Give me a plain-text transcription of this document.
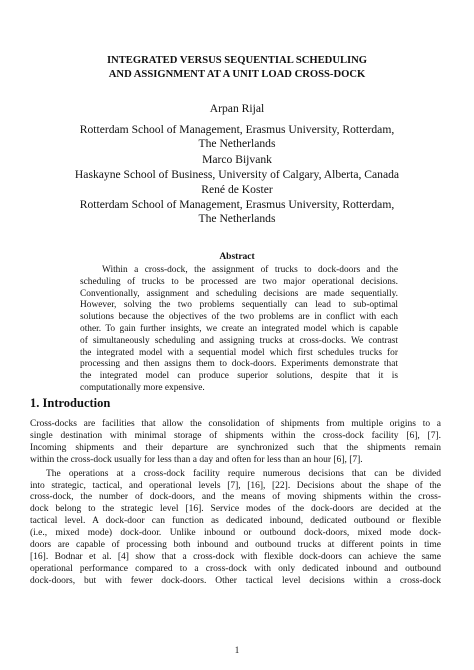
INTEGRATED VERSUS SEQUENTIAL SCHEDULING
AND ASSIGNMENT AT A UNIT LOAD CROSS-DOCK
Arpan Rijal
Rotterdam School of Management, Erasmus University, Rotterdam,
The Netherlands
Marco Bijvank
Haskayne School of Business, University of Calgary, Alberta, Canada
René de Koster
Rotterdam School of Management, Erasmus University, Rotterdam,
The Netherlands
Abstract
Within a cross-dock, the assignment of trucks to dock-doors and the
scheduling of trucks to be processed are two major operational decisions.
Conventionally, assignment and scheduling decisions are made sequentially.
However, solving the two problems sequentially can lead to sub-optimal
solutions because the objectives of the two problems are in conflict with each
other. To gain further insights, we create an integrated model which is capable
of simultaneously scheduling and assigning trucks at cross-docks. We contrast
the integrated model with a sequential model which first schedules trucks for
processing and then assigns them to dock-doors. Experiments demonstrate that
the integrated model can produce superior solutions, despite that it is
computationally more expensive.
1. Introduction
Cross-docks are facilities that allow the consolidation of shipments from multiple origins to a
single destination with minimal storage of shipments within the cross-dock facility [6], [7].
Incoming shipments and their departure are synchronized such that the shipments remain
within the cross-dock usually for less than a day and often for less than an hour [6], [7].
The operations at a cross-dock facility require numerous decisions that can be divided
into strategic, tactical, and operational levels [7], [16], [22]. Decisions about the shape of the
cross-dock, the number of dock-doors, and the means of moving shipments within the cross-
dock belong to the strategic level [16]. Service modes of the dock-doors are decided at the
tactical level. A dock-door can function as dedicated inbound, dedicated outbound or flexible
(i.e., mixed mode) dock-door. Unlike inbound or outbound dock-doors, mixed mode dock-
doors are capable of processing both inbound and outbound trucks at different points in time
[16]. Bodnar et al. [4] show that a cross-dock with flexible dock-doors can achieve the same
operational performance compared to a cross-dock with only dedicated inbound and outbound
dock-doors, but with fewer dock-doors. Other tactical level decisions within a cross-dock
1
